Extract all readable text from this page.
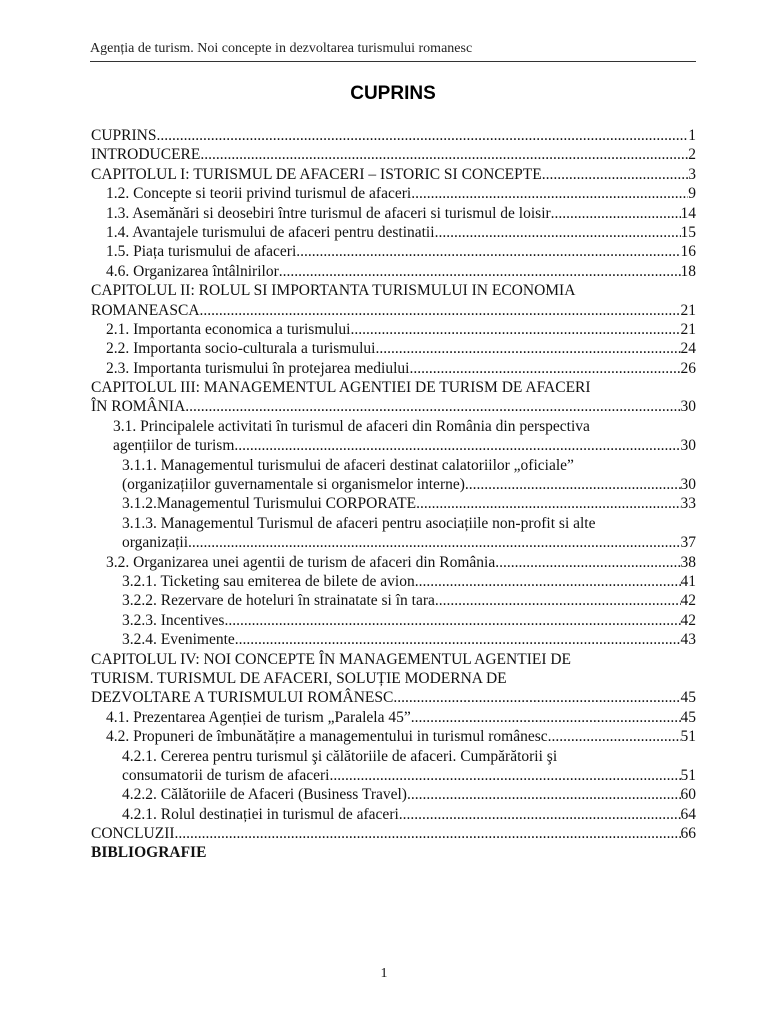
Agenția de turism. Noi concepte in dezvoltarea turismului romanesc
CUPRINS
CUPRINS .....	1
INTRODUCERE .....	2
CAPITOLUL I: TURISMUL DE AFACERI – ISTORIC SI CONCEPTE .....	3
1.2. Concepte si teorii privind turismul de afaceri .....	9
1.3. Asemănări si deosebiri între turismul de afaceri si turismul de loisir .....	14
1.4. Avantajele turismului de afaceri pentru destinatii .....	15
1.5. Piața turismului de afaceri .....	16
4.6. Organizarea întâlnirilor .....	18
CAPITOLUL II: ROLUL SI IMPORTANTA TURISMULUI IN ECONOMIA
ROMANEASCA .....	21
2.1. Importanta economica a turismului .....	21
2.2. Importanta socio-culturala a turismului .....	24
2.3. Importanta turismului în protejarea mediului .....	26
CAPITOLUL III: MANAGEMENTUL AGENTIEI DE TURISM DE AFACERI
ÎN ROMÂNIA .....	30
3.1. Principalele activitati în turismul de afaceri din România din perspectiva
agențiilor de turism .....	30
3.1.1. Managementul turismului de afaceri destinat calatoriilor „oficiale”
(organizațiilor guvernamentale si organismelor interne) .....	30
3.1.2.Managementul Turismului CORPORATE .....	33
3.1.3. Managementul Turismul de afaceri pentru asociațiile non-profit si alte
organizații .....	37
3.2. Organizarea unei agentii de turism de afaceri din România .....	38
3.2.1. Ticketing sau emiterea de bilete de avion .....	41
3.2.2. Rezervare de hoteluri în strainatate si în tara .....	42
3.2.3. Incentives .....	42
3.2.4. Evenimente .....	43
CAPITOLUL IV: NOI CONCEPTE ÎN MANAGEMENTUL AGENTIEI DE
TURISM. TURISMUL DE AFACERI, SOLUȚIE MODERNA DE
DEZVOLTARE A TURISMULUI ROMÂNESC .....	45
4.1. Prezentarea Agenției de turism „Paralela 45” .....	45
4.2. Propuneri de îmbunătățire a managementului in turismul românesc .....	51
4.2.1. Cererea pentru turismul şi călătoriile de afaceri. Cumpărătorii şi
consumatorii de turism de afaceri .....	51
4.2.2. Călătoriile de Afaceri (Business Travel) .....	60
4.2.1. Rolul destinației in turismul de afaceri .....	64
CONCLUZII .....	66
BIBLIOGRAFIE
1
